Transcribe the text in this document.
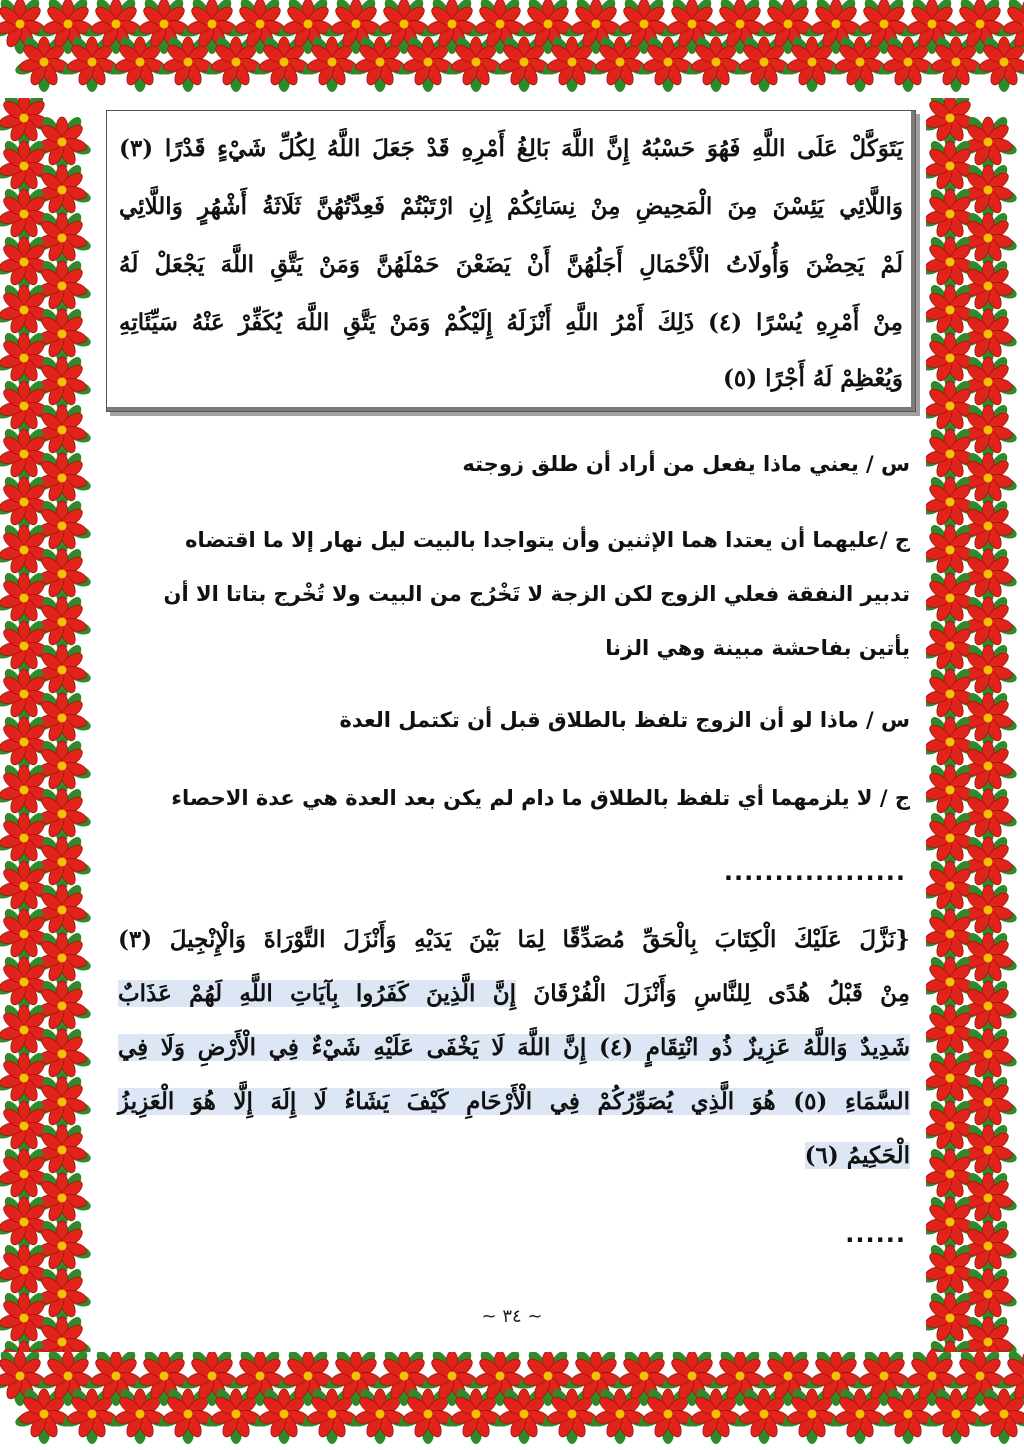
يَتَوَكَّلْ عَلَى اللَّهِ فَهُوَ حَسْبُهُ إِنَّ اللَّهَ بَالِغُ أَمْرِهِ قَدْ جَعَلَ اللَّهُ لِكُلِّ شَيْءٍ قَدْرًا (٣)
وَاللَّائِي يَئِسْنَ مِنَ الْمَحِيضِ مِنْ نِسَائِكُمْ إِنِ ارْتَبْتُمْ فَعِدَّتُهُنَّ ثَلَاثَةُ أَشْهُرٍ وَاللَّائِي
لَمْ يَحِضْنَ وَأُولَاتُ الْأَحْمَالِ أَجَلُهُنَّ أَنْ يَضَعْنَ حَمْلَهُنَّ وَمَنْ يَتَّقِ اللَّهَ يَجْعَلْ لَهُ
مِنْ أَمْرِهِ يُسْرًا (٤) ذَلِكَ أَمْرُ اللَّهِ أَنْزَلَهُ إِلَيْكُمْ وَمَنْ يَتَّقِ اللَّهَ يُكَفِّرْ عَنْهُ سَيِّئَاتِهِ
وَيُعْظِمْ لَهُ أَجْرًا (٥)
س / يعني ماذا يفعل من أراد أن طلق زوجته
ج /عليهما أن يعتدا هما الإثنين وأن يتواجدا بالبيت ليل نهار إلا ما اقتضاه
تدبير النفقة فعلي الزوج لكن الزجة لا تَخْرُج من البيت ولا تُخْرج بتاتا الا أن
يأتين بفاحشة مبينة وهي الزنا
س / ماذا لو أن الزوج تلفظ بالطلاق قبل أن تكتمل العدة
ج / لا يلزمهما أي تلفظ بالطلاق ما دام لم يكن بعد العدة هي عدة الاحصاء
..................
{نَزَّلَ عَلَيْكَ الْكِتَابَ بِالْحَقِّ مُصَدِّقًا لِمَا بَيْنَ يَدَيْهِ وَأَنْزَلَ التَّوْرَاةَ وَالْإِنْجِيلَ (٣)
مِنْ قَبْلُ هُدًى لِلنَّاسِ وَأَنْزَلَ الْفُرْقَانَ إِنَّ الَّذِينَ كَفَرُوا بِآيَاتِ اللَّهِ لَهُمْ عَذَابٌ
شَدِيدٌ وَاللَّهُ عَزِيزٌ ذُو انْتِقَامٍ (٤) إِنَّ اللَّهَ لَا يَخْفَى عَلَيْهِ شَيْءٌ فِي الْأَرْضِ وَلَا فِي
السَّمَاءِ (٥) هُوَ الَّذِي يُصَوِّرُكُمْ فِي الْأَرْحَامِ كَيْفَ يَشَاءُ لَا إِلَهَ إِلَّا هُوَ الْعَزِيزُ
الْحَكِيمُ (٦)
......
~ ٣٤ ~
